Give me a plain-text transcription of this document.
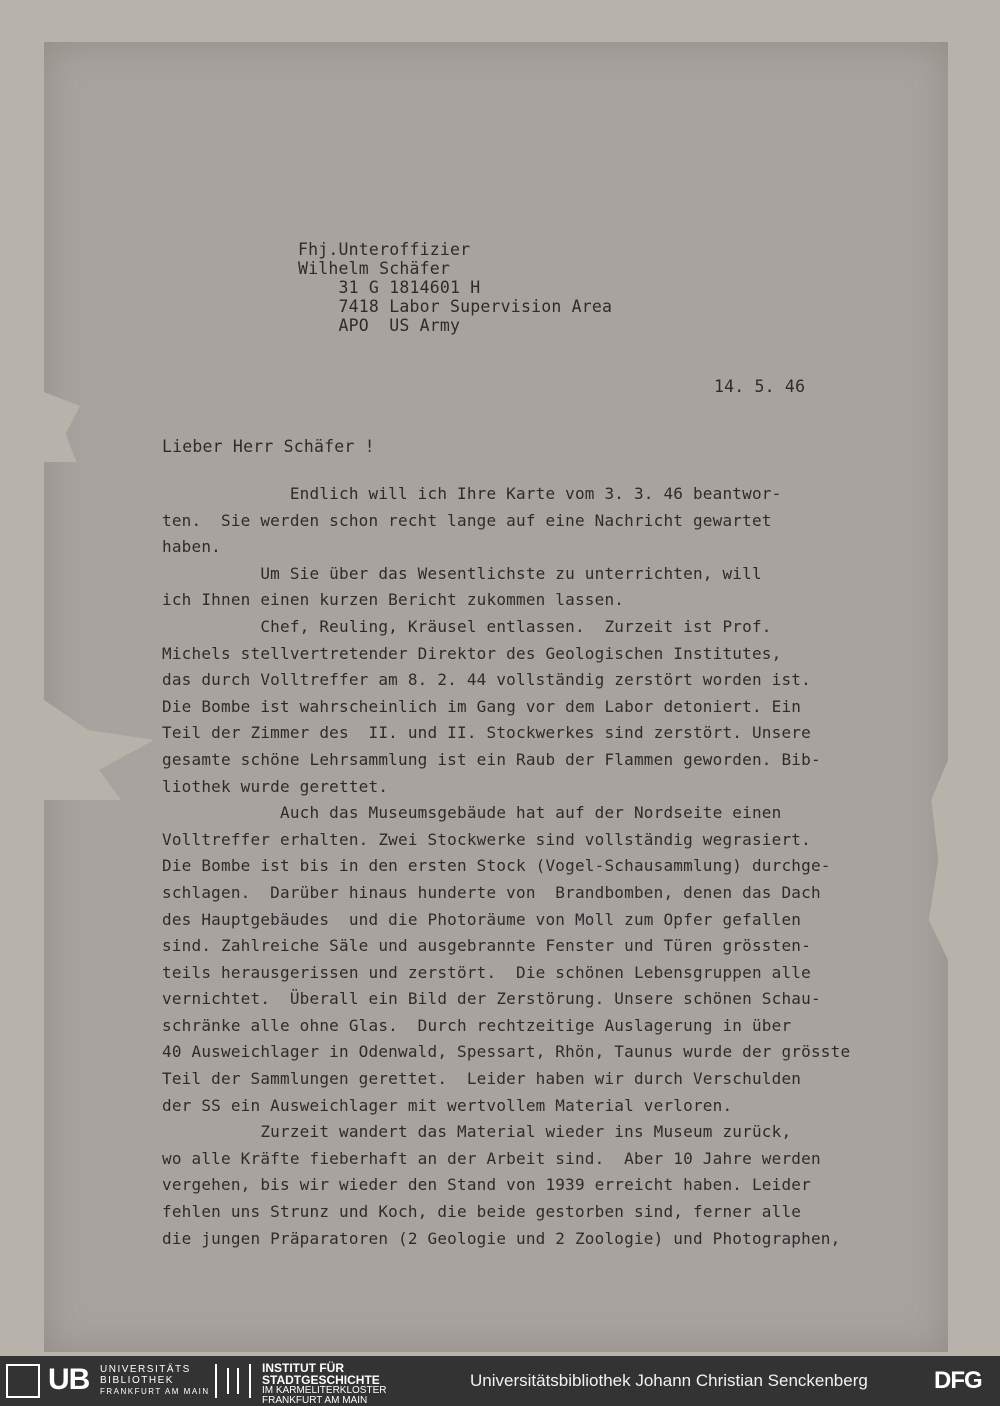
Fhj.Unteroffizier
Wilhelm Schäfer
31 G 1814601 H
7418 Labor Supervision Area
APO  US Army
14. 5. 46
Lieber Herr Schäfer !
Endlich will ich Ihre Karte vom 3. 3. 46 beantwor-
ten.  Sie werden schon recht lange auf eine Nachricht gewartet
haben.
Um Sie über das Wesentlichste zu unterrichten, will
ich Ihnen einen kurzen Bericht zukommen lassen.
Chef, Reuling, Kräusel entlassen.  Zurzeit ist Prof.
Michels stellvertretender Direktor des Geologischen Institutes,
das durch Volltreffer am 8. 2. 44 vollständig zerstört worden ist.
Die Bombe ist wahrscheinlich im Gang vor dem Labor detoniert. Ein
Teil der Zimmer des  II. und II. Stockwerkes sind zerstört. Unsere
gesamte schöne Lehrsammlung ist ein Raub der Flammen geworden. Bib-
liothek wurde gerettet.
Auch das Museumsgebäude hat auf der Nordseite einen
Volltreffer erhalten. Zwei Stockwerke sind vollständig wegrasiert.
Die Bombe ist bis in den ersten Stock (Vogel-Schausammlung) durchge-
schlagen.  Darüber hinaus hunderte von  Brandbomben, denen das Dach
des Hauptgebäudes  und die Photoräume von Moll zum Opfer gefallen
sind. Zahlreiche Säle und ausgebrannte Fenster und Türen grössten-
teils herausgerissen und zerstört.  Die schönen Lebensgruppen alle
vernichtet.  Überall ein Bild der Zerstörung. Unsere schönen Schau-
schränke alle ohne Glas.  Durch rechtzeitige Auslagerung in über
40 Ausweichlager in Odenwald, Spessart, Rhön, Taunus wurde der grösste
Teil der Sammlungen gerettet.  Leider haben wir durch Verschulden
der SS ein Ausweichlager mit wertvollem Material verloren.
Zurzeit wandert das Material wieder ins Museum zurück,
wo alle Kräfte fieberhaft an der Arbeit sind.  Aber 10 Jahre werden
vergehen, bis wir wieder den Stand von 1939 erreicht haben. Leider
fehlen uns Strunz und Koch, die beide gestorben sind, ferner alle
die jungen Präparatoren (2 Geologie und 2 Zoologie) und Photographen,
UB UNIVERSITÄTS
BIBLIOTHEK
FRANKFURT AM MAIN
INSTITUT FÜR
STADTGESCHICHTE
IM KARMELITERKLOSTER
FRANKFURT AM MAIN
Universitätsbibliothek Johann Christian Senckenberg	DFG
